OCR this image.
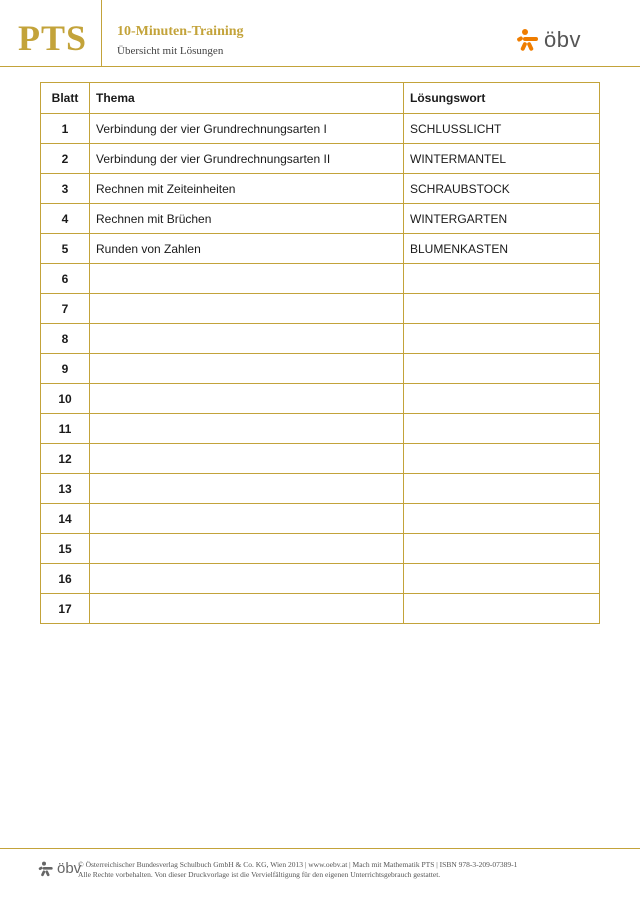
PTS 10-Minuten-Training
Übersicht mit Lösungen	öbv
Blatt	Thema	Lösungswort
1	Verbindung der vier Grundrechnungsarten I	SCHLUSSLICHT
2	Verbindung der vier Grundrechnungsarten II	WINTERMANTEL
3	Rechnen mit Zeiteinheiten	SCHRAUBSTOCK
4	Rechnen mit Brüchen	WINTERGARTEN
5	Runden von Zahlen	BLUMENKASTEN
6		
7		
8		
9		
10		
11		
12		
13		
14		
15		
16		
17		
öbv
© Österreichischer Bundesverlag Schulbuch GmbH & Co. KG, Wien 2013 | www.oebv.at | Mach mit Mathematik PTS | ISBN 978-3-209-07389-1
Alle Rechte vorbehalten. Von dieser Druckvorlage ist die Vervielfältigung für den eigenen Unterrichtsgebrauch gestattet.
